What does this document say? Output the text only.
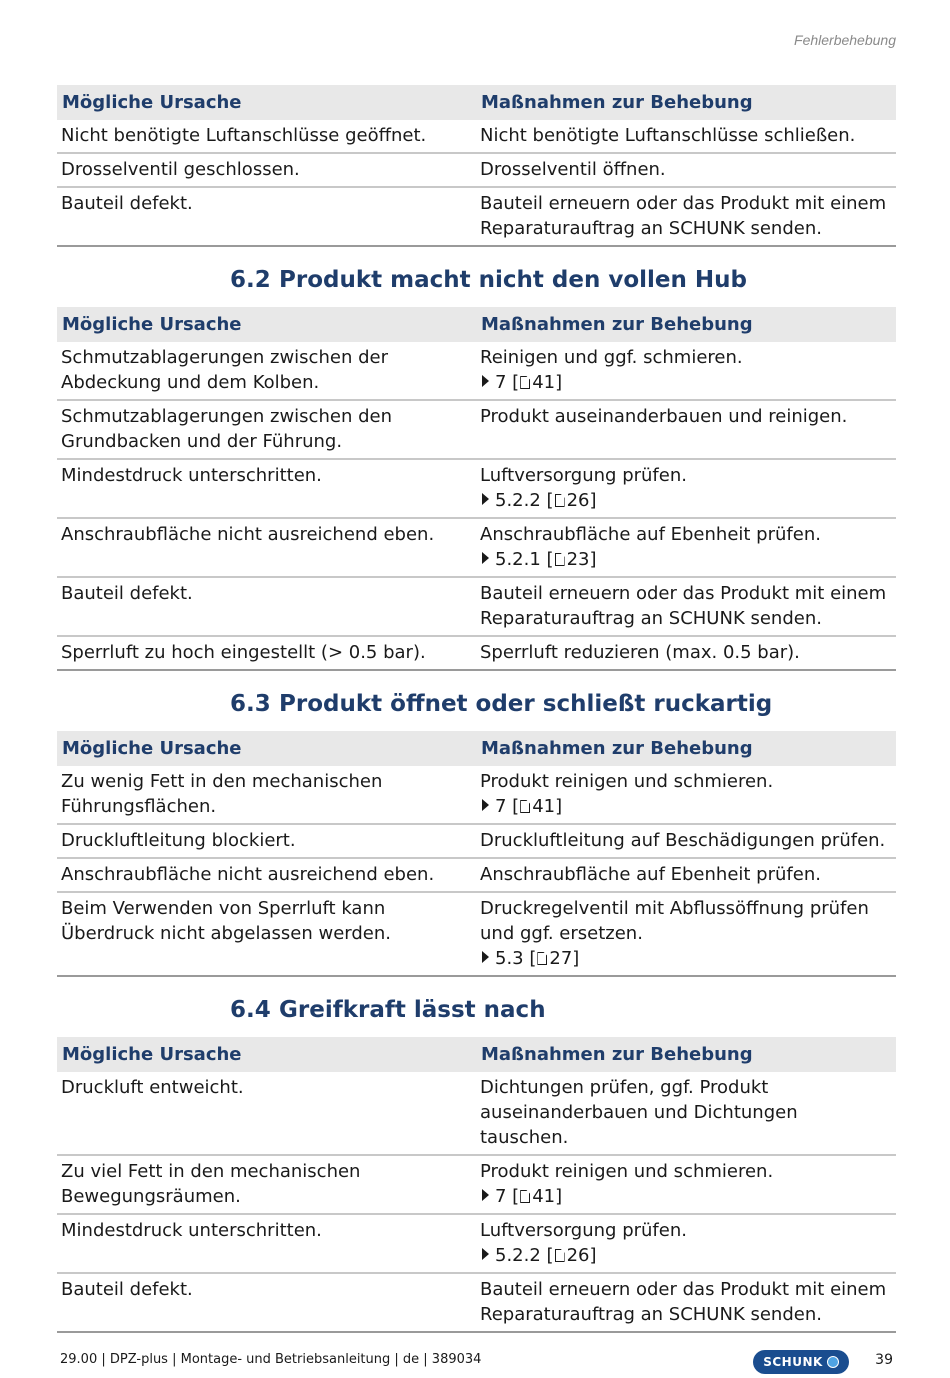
Fehlerbehebung
Mögliche Ursache	Maßnahmen zur Behebung
Nicht benötigte Luftanschlüsse geöffnet.	Nicht benötigte Luftanschlüsse schließen.
Drosselventil geschlossen.	Drosselventil öffnen.
Bauteil defekt.	Bauteil erneuern oder das Produkt mit einem Reparaturauftrag an SCHUNK senden.
6.2 Produkt macht nicht den vollen Hub
Mögliche Ursache	Maßnahmen zur Behebung
Schmutzablagerungen zwischen der Abdeckung und dem Kolben.	Reinigen und ggf. schmieren.
7 [ 41]

Schmutzablagerungen zwischen den Grundbacken und der Führung.	Produkt auseinanderbauen und reinigen.
Mindestdruck unterschritten.	Luftversorgung prüfen.
5.2.2 [ 26]

Anschraubfläche nicht ausreichend eben.	Anschraubfläche auf Ebenheit prüfen.
5.2.1 [ 23]

Bauteil defekt.	Bauteil erneuern oder das Produkt mit einem Reparaturauftrag an SCHUNK senden.
Sperrluft zu hoch eingestellt (> 0.5 bar).	Sperrluft reduzieren (max. 0.5 bar).
6.3 Produkt öffnet oder schließt ruckartig
Mögliche Ursache	Maßnahmen zur Behebung
Zu wenig Fett in den mechanischen Führungsflächen.	Produkt reinigen und schmieren.
7 [ 41]

Druckluftleitung blockiert.	Druckluftleitung auf Beschädigungen prüfen.
Anschraubfläche nicht ausreichend eben.	Anschraubfläche auf Ebenheit prüfen.
Beim Verwenden von Sperrluft kann Überdruck nicht abgelassen werden.	Druckregelventil mit Abflussöffnung prüfen und ggf. ersetzen.
5.3 [ 27]
6.4 Greifkraft lässt nach
Mögliche Ursache	Maßnahmen zur Behebung
Druckluft entweicht.	Dichtungen prüfen, ggf. Produkt auseinanderbauen und Dichtungen tauschen.
Zu viel Fett in den mechanischen Bewegungsräumen.	Produkt reinigen und schmieren.
7 [ 41]

Mindestdruck unterschritten.	Luftversorgung prüfen.
5.2.2 [ 26]

Bauteil defekt.	Bauteil erneuern oder das Produkt mit einem Reparaturauftrag an SCHUNK senden.
29.00 | DPZ-plus | Montage- und Betriebsanleitung | de | 389034	SCHUNK	39
